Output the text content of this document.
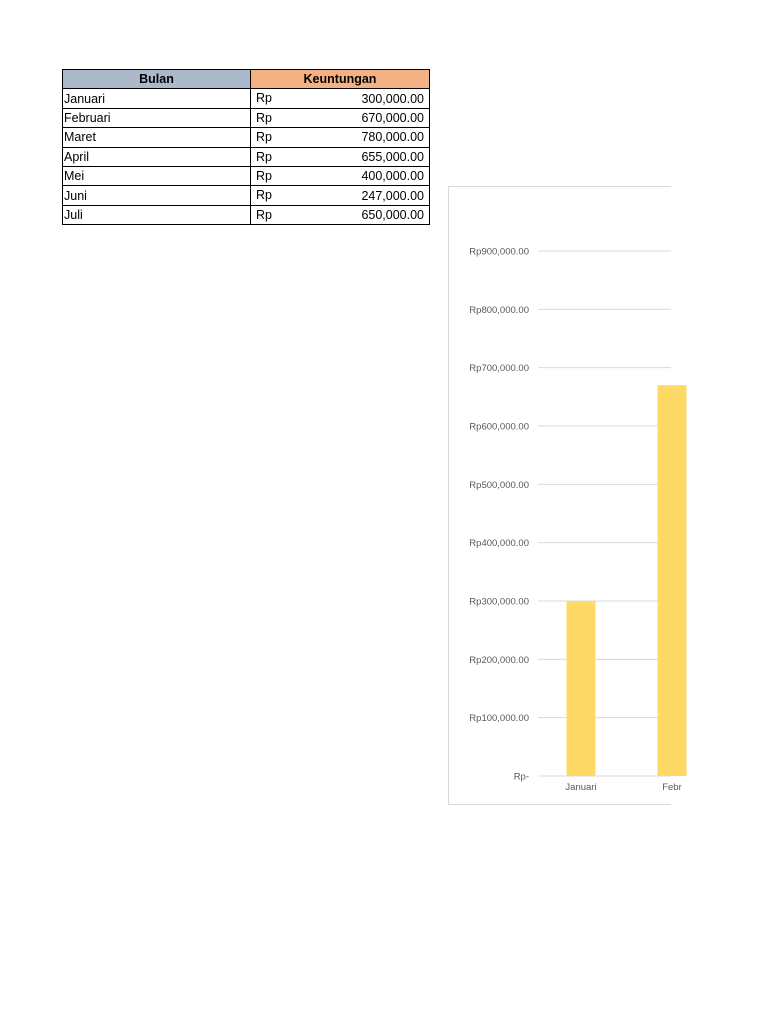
Bulan	Keuntungan
Januari	Rp 300,000.00

Februari	Rp 670,000.00

Maret	Rp 780,000.00

April	Rp 655,000.00

Mei	Rp 400,000.00

Juni	Rp 247,000.00

Juli	Rp 650,000.00
Rp-
Rp100,000.00
Rp200,000.00
Rp300,000.00
Rp400,000.00
Rp500,000.00
Rp600,000.00
Rp700,000.00
Rp800,000.00
Rp900,000.00
Januari	Febr
